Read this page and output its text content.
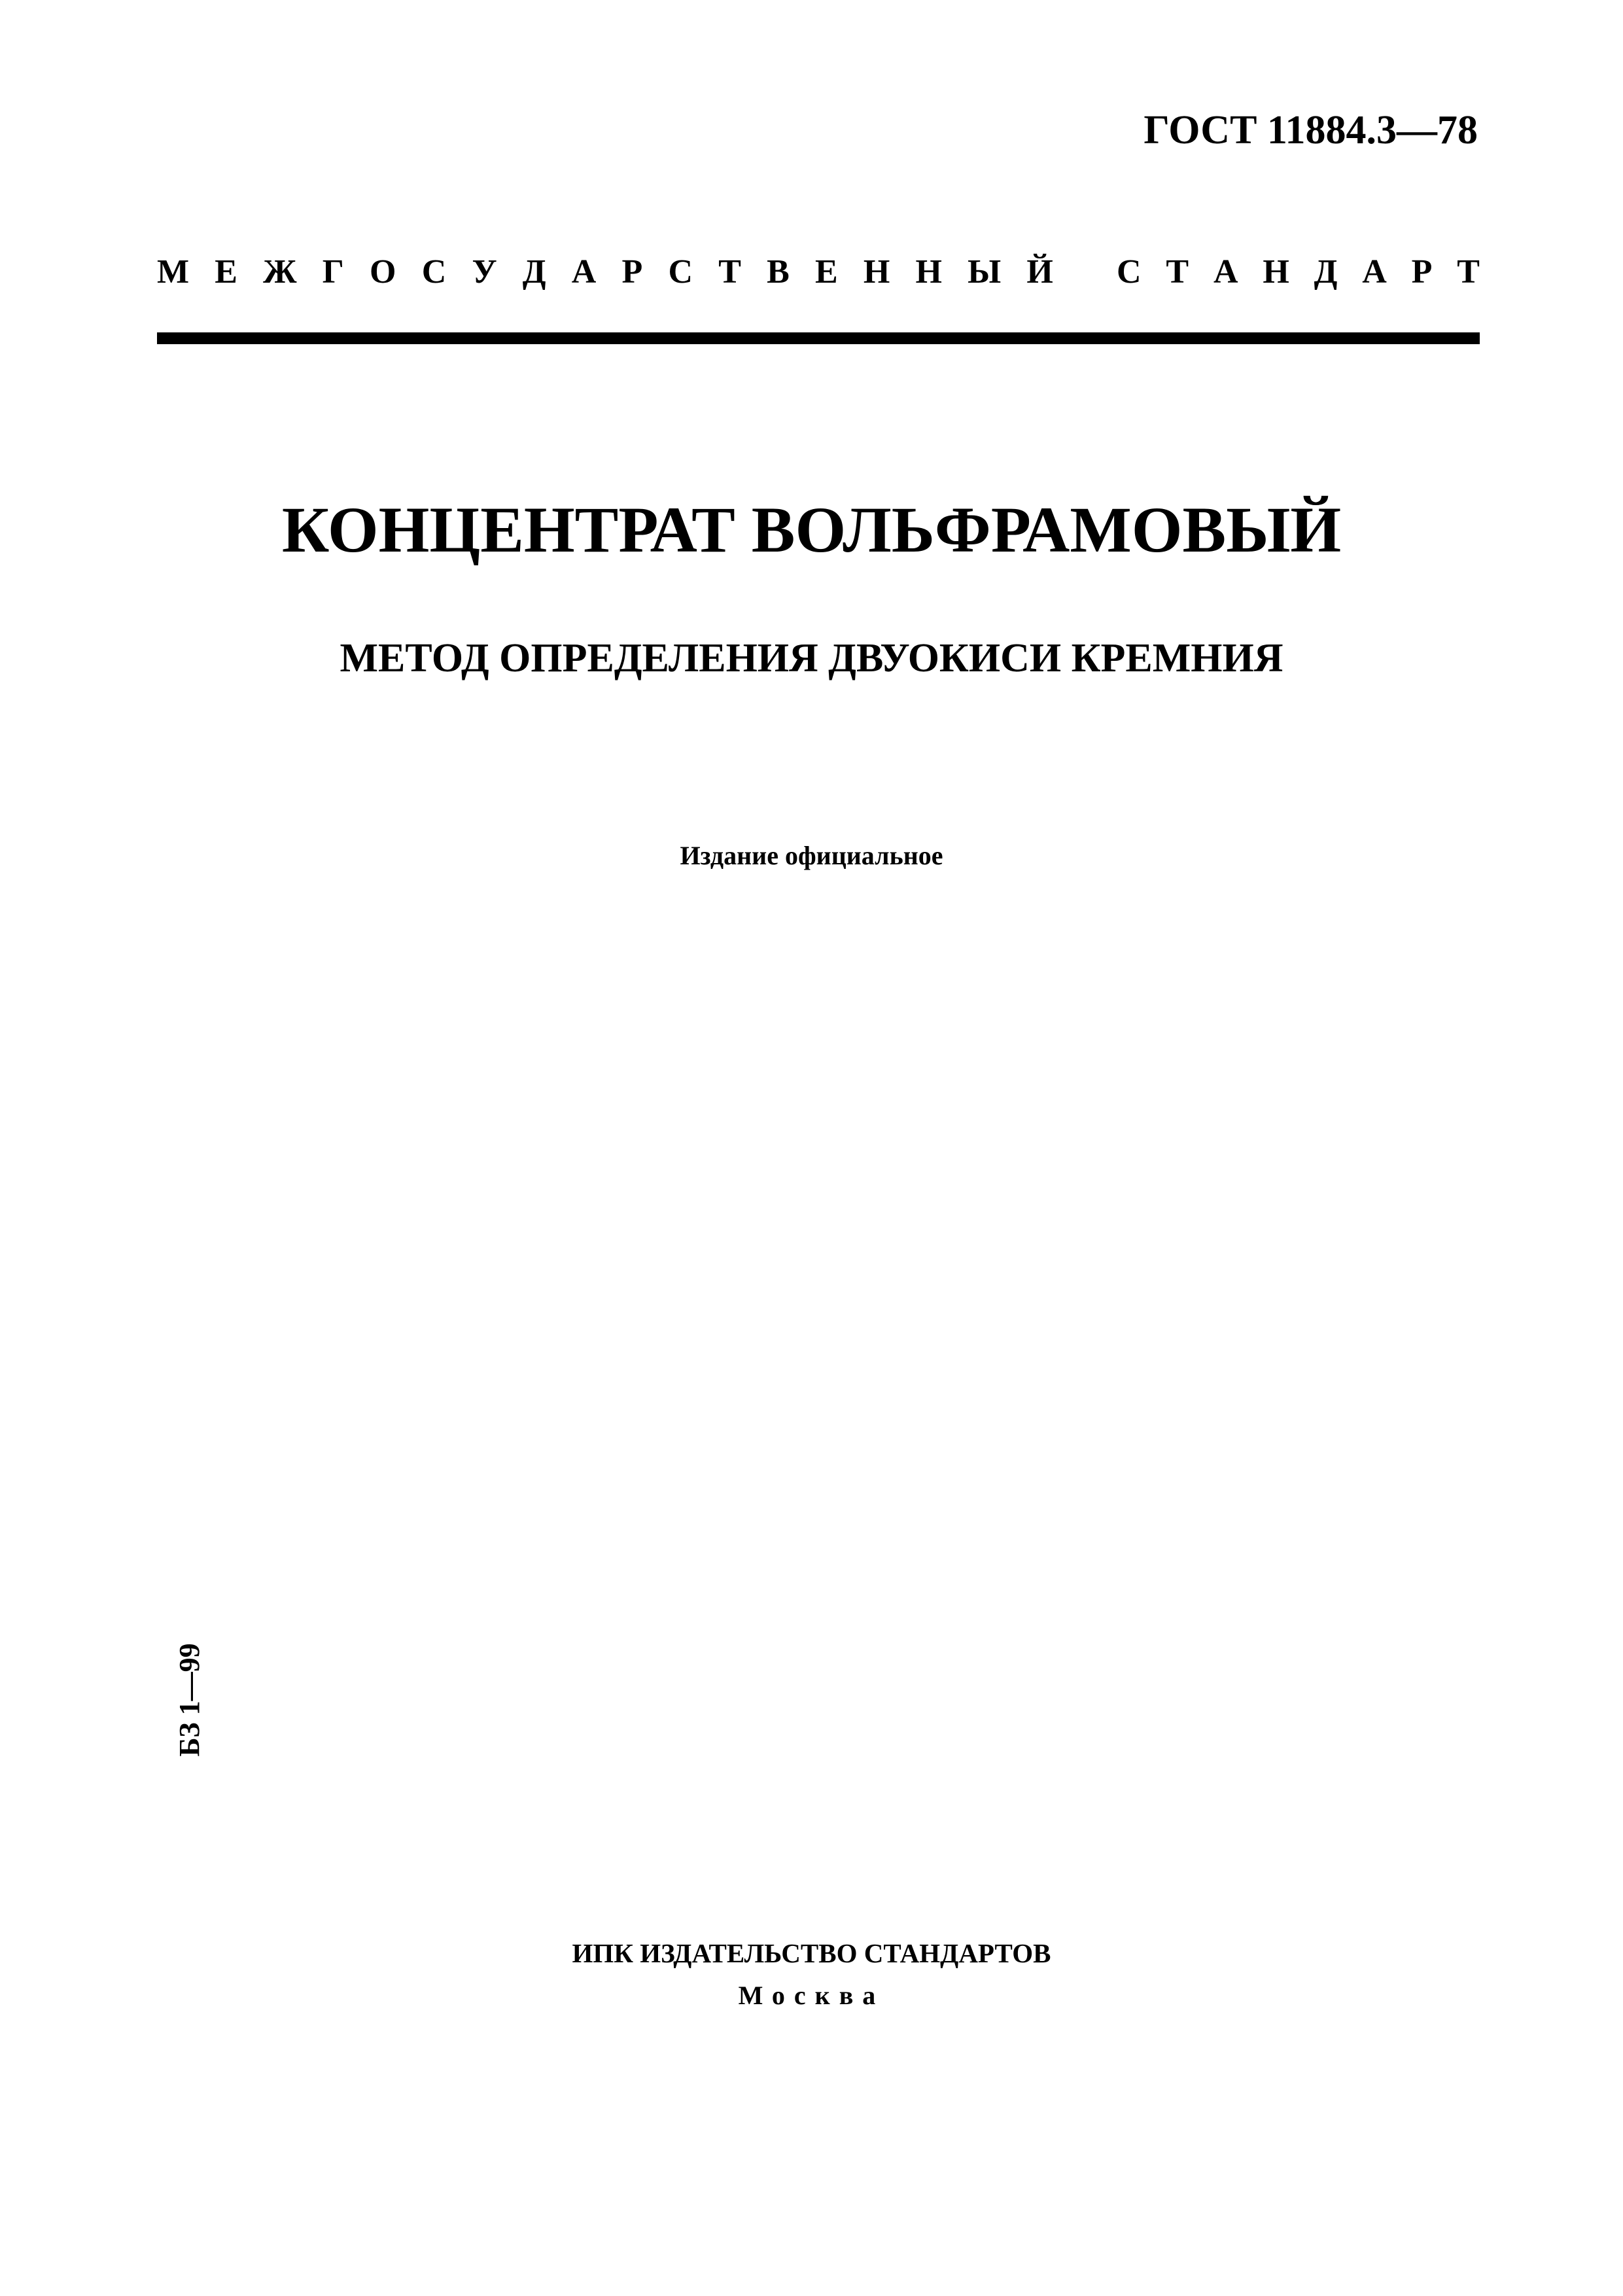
ГОСТ 11884.3—78
М Е Ж Г О С У Д А Р С Т В Е Н Н Ы Й С Т А Н Д А Р Т
КОНЦЕНТРАТ ВОЛЬФРАМОВЫЙ
МЕТОД ОПРЕДЕЛЕНИЯ ДВУОКИСИ КРЕМНИЯ
Издание официальное
БЗ 1—99
ИПК ИЗДАТЕЛЬСТВО СТАНДАРТОВ
Москва
